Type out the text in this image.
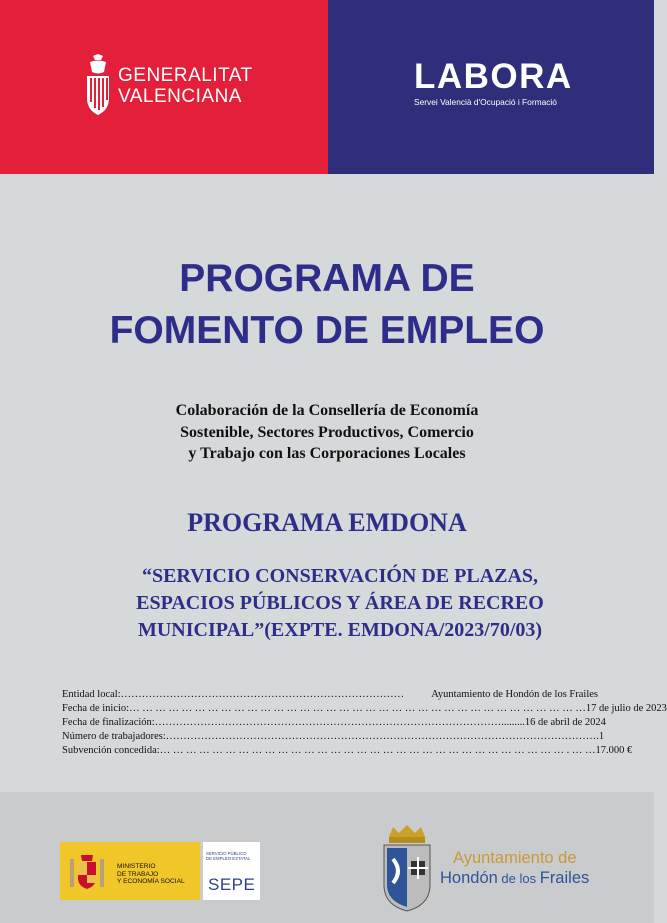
GENERALITAT
VALENCIANA
LABORA
Servei Valencià d'Ocupació i Formació
PROGRAMA DE
FOMENTO DE EMPLEO
Colaboración de la Consellería de Economía
Sostenible, Sectores Productivos, Comercio
y Trabajo con las Corporaciones Locales
PROGRAMA EMDONA
“SERVICIO CONSERVACIÓN DE PLAZAS,
ESPACIOS PÚBLICOS Y ÁREA DE RECREO
MUNICIPAL”(EXPTE. EMDONA/2023/70/03)
Entidad local: ………………………………………………………………………	Ayuntamiento de Hondón de los Frailes
Fecha de inicio: … … … … … … … … … … … … … … … … … … … … … … … … … … … … … … … … … … … 17 de julio de 2023
Fecha de finalización: ………………………………………………………………………………………......... 16 de abril de 2024
Número de trabajadores: ……………………………………………………………………………………………………………. 1
Subvención concedida: … … … … … … … … … … … … … … … … … … … … … … … … … … … … … … … . … … 17.000 €
MINISTERIO
DE TRABAJO
Y ECONOMÍA SOCIAL
SERVICIO PÚBLICO
DE EMPLEO ESTATAL
SEPE
Ayuntamiento de
Hondón de los Frailes
